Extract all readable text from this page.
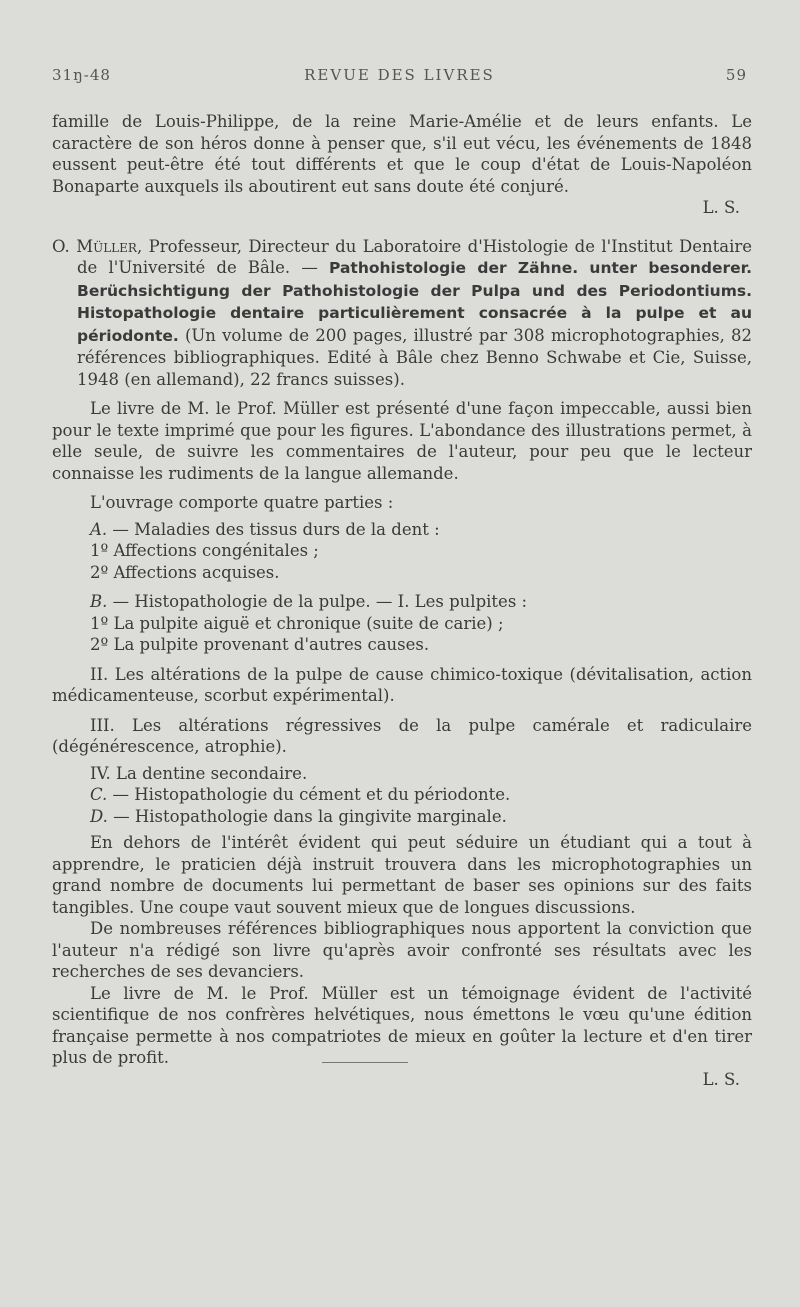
31ŋ-48	REVUE DES LIVRES	59

famille de Louis-Philippe, de la reine Marie-Amélie et de leurs enfants. Le caractère de son héros donne à penser que, s'il eut vécu, les événements de 1848 eussent peut-être été tout différents et que le coup d'état de Louis-Napoléon Bonaparte auxquels ils aboutirent eut sans doute été conjuré.

L. S.

O. Müller, Professeur, Directeur du Laboratoire d'Histologie de l'Institut Dentaire de l'Université de Bâle. — Pathohistologie der Zähne. unter besonderer. Berüchsichtigung der Pathohistologie der Pulpa und des Periodontiums. Histopathologie dentaire particulièrement consacrée à la pulpe et au périodonte. (Un volume de 200 pages, illustré par 308 microphotographies, 82 références bibliographiques. Edité à Bâle chez Benno Schwabe et Cie, Suisse, 1948 (en allemand), 22 francs suisses).

Le livre de M. le Prof. Müller est présenté d'une façon impeccable, aussi bien pour le texte imprimé que pour les figures. L'abondance des illustrations permet, à elle seule, de suivre les commentaires de l'auteur, pour peu que le lecteur connaisse les rudiments de la langue allemande.

L'ouvrage comporte quatre parties :

A. — Maladies des tissus durs de la dent :

1º Affections congénitales ;

2º Affections acquises.

B. — Histopathologie de la pulpe. — I. Les pulpites :

1º La pulpite aiguë et chronique (suite de carie) ;

2º La pulpite provenant d'autres causes.

II. Les altérations de la pulpe de cause chimico-toxique (dévitalisation, action médicamenteuse, scorbut expérimental).

III. Les altérations régressives de la pulpe camérale et radiculaire (dégénérescence, atrophie).

IV. La dentine secondaire.

C. — Histopathologie du cément et du périodonte.

D. — Histopathologie dans la gingivite marginale.

En dehors de l'intérêt évident qui peut séduire un étudiant qui a tout à apprendre, le praticien déjà instruit trouvera dans les microphotographies un grand nombre de documents lui permettant de baser ses opinions sur des faits tangibles. Une coupe vaut souvent mieux que de longues discussions.

De nombreuses références bibliographiques nous apportent la conviction que l'auteur n'a rédigé son livre qu'après avoir confronté ses résultats avec les recherches de ses devanciers.

Le livre de M. le Prof. Müller est un témoignage évident de l'activité scientifique de nos confrères helvétiques, nous émettons le vœu qu'une édition française permette à nos compatriotes de mieux en goûter la lecture et d'en tirer plus de profit.

L. S.
